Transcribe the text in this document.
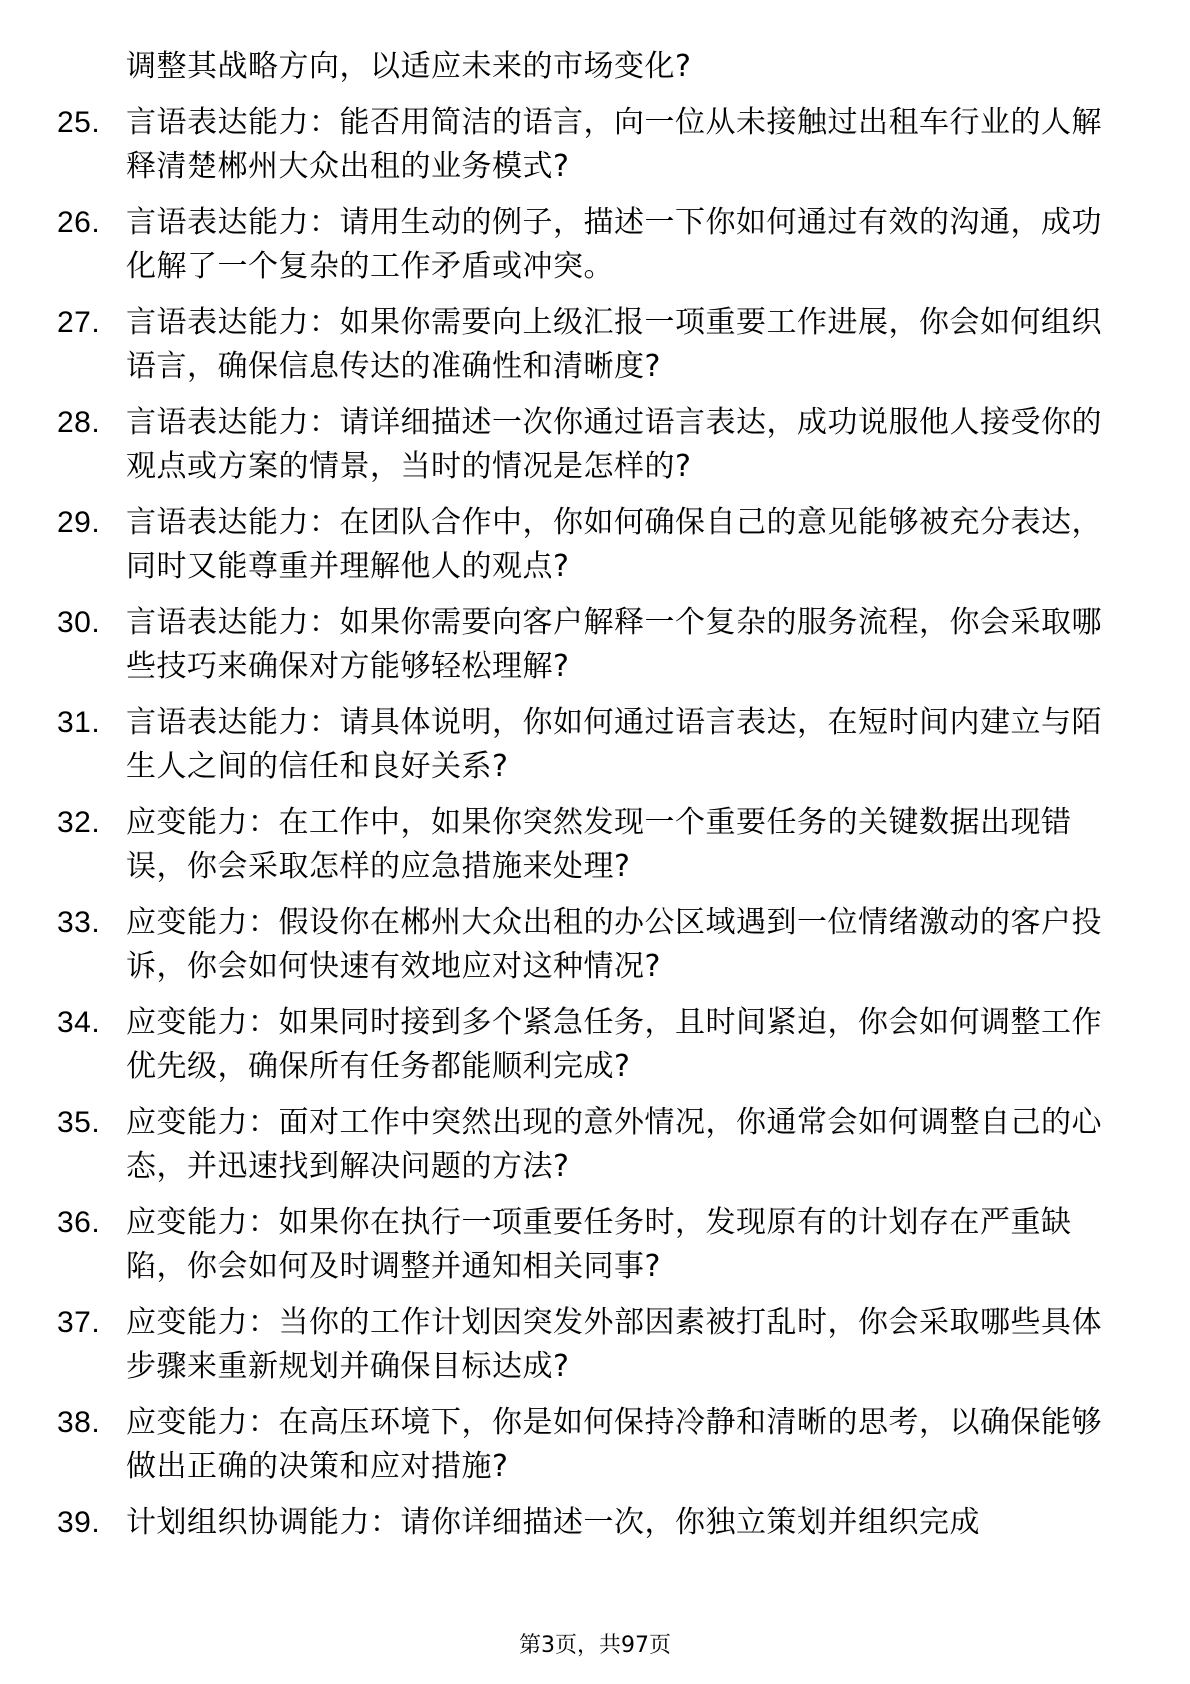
调整其战略方向，以适应未来的市场变化?
25. 言语表达能力：能否用简洁的语言，向一位从未接触过出租车行业的人解释清楚郴州大众出租的业务模式?
26. 言语表达能力：请用生动的例子，描述一下你如何通过有效的沟通，成功化解了一个复杂的工作矛盾或冲突。
27. 言语表达能力：如果你需要向上级汇报一项重要工作进展，你会如何组织语言，确保信息传达的准确性和清晰度?
28. 言语表达能力：请详细描述一次你通过语言表达，成功说服他人接受你的观点或方案的情景，当时的情况是怎样的?
29. 言语表达能力：在团队合作中，你如何确保自己的意见能够被充分表达，同时又能尊重并理解他人的观点?
30. 言语表达能力：如果你需要向客户解释一个复杂的服务流程，你会采取哪些技巧来确保对方能够轻松理解?
31. 言语表达能力：请具体说明，你如何通过语言表达，在短时间内建立与陌生人之间的信任和良好关系?
32. 应变能力：在工作中，如果你突然发现一个重要任务的关键数据出现错误，你会采取怎样的应急措施来处理?
33. 应变能力：假设你在郴州大众出租的办公区域遇到一位情绪激动的客户投诉，你会如何快速有效地应对这种情况?
34. 应变能力：如果同时接到多个紧急任务，且时间紧迫，你会如何调整工作优先级，确保所有任务都能顺利完成?
35. 应变能力：面对工作中突然出现的意外情况，你通常会如何调整自己的心态，并迅速找到解决问题的方法?
36. 应变能力：如果你在执行一项重要任务时，发现原有的计划存在严重缺陷，你会如何及时调整并通知相关同事?
37. 应变能力：当你的工作计划因突发外部因素被打乱时，你会采取哪些具体步骤来重新规划并确保目标达成?
38. 应变能力：在高压环境下，你是如何保持冷静和清晰的思考，以确保能够做出正确的决策和应对措施?
39. 计划组织协调能力：请你详细描述一次，你独立策划并组织完成
第3页，共97页
